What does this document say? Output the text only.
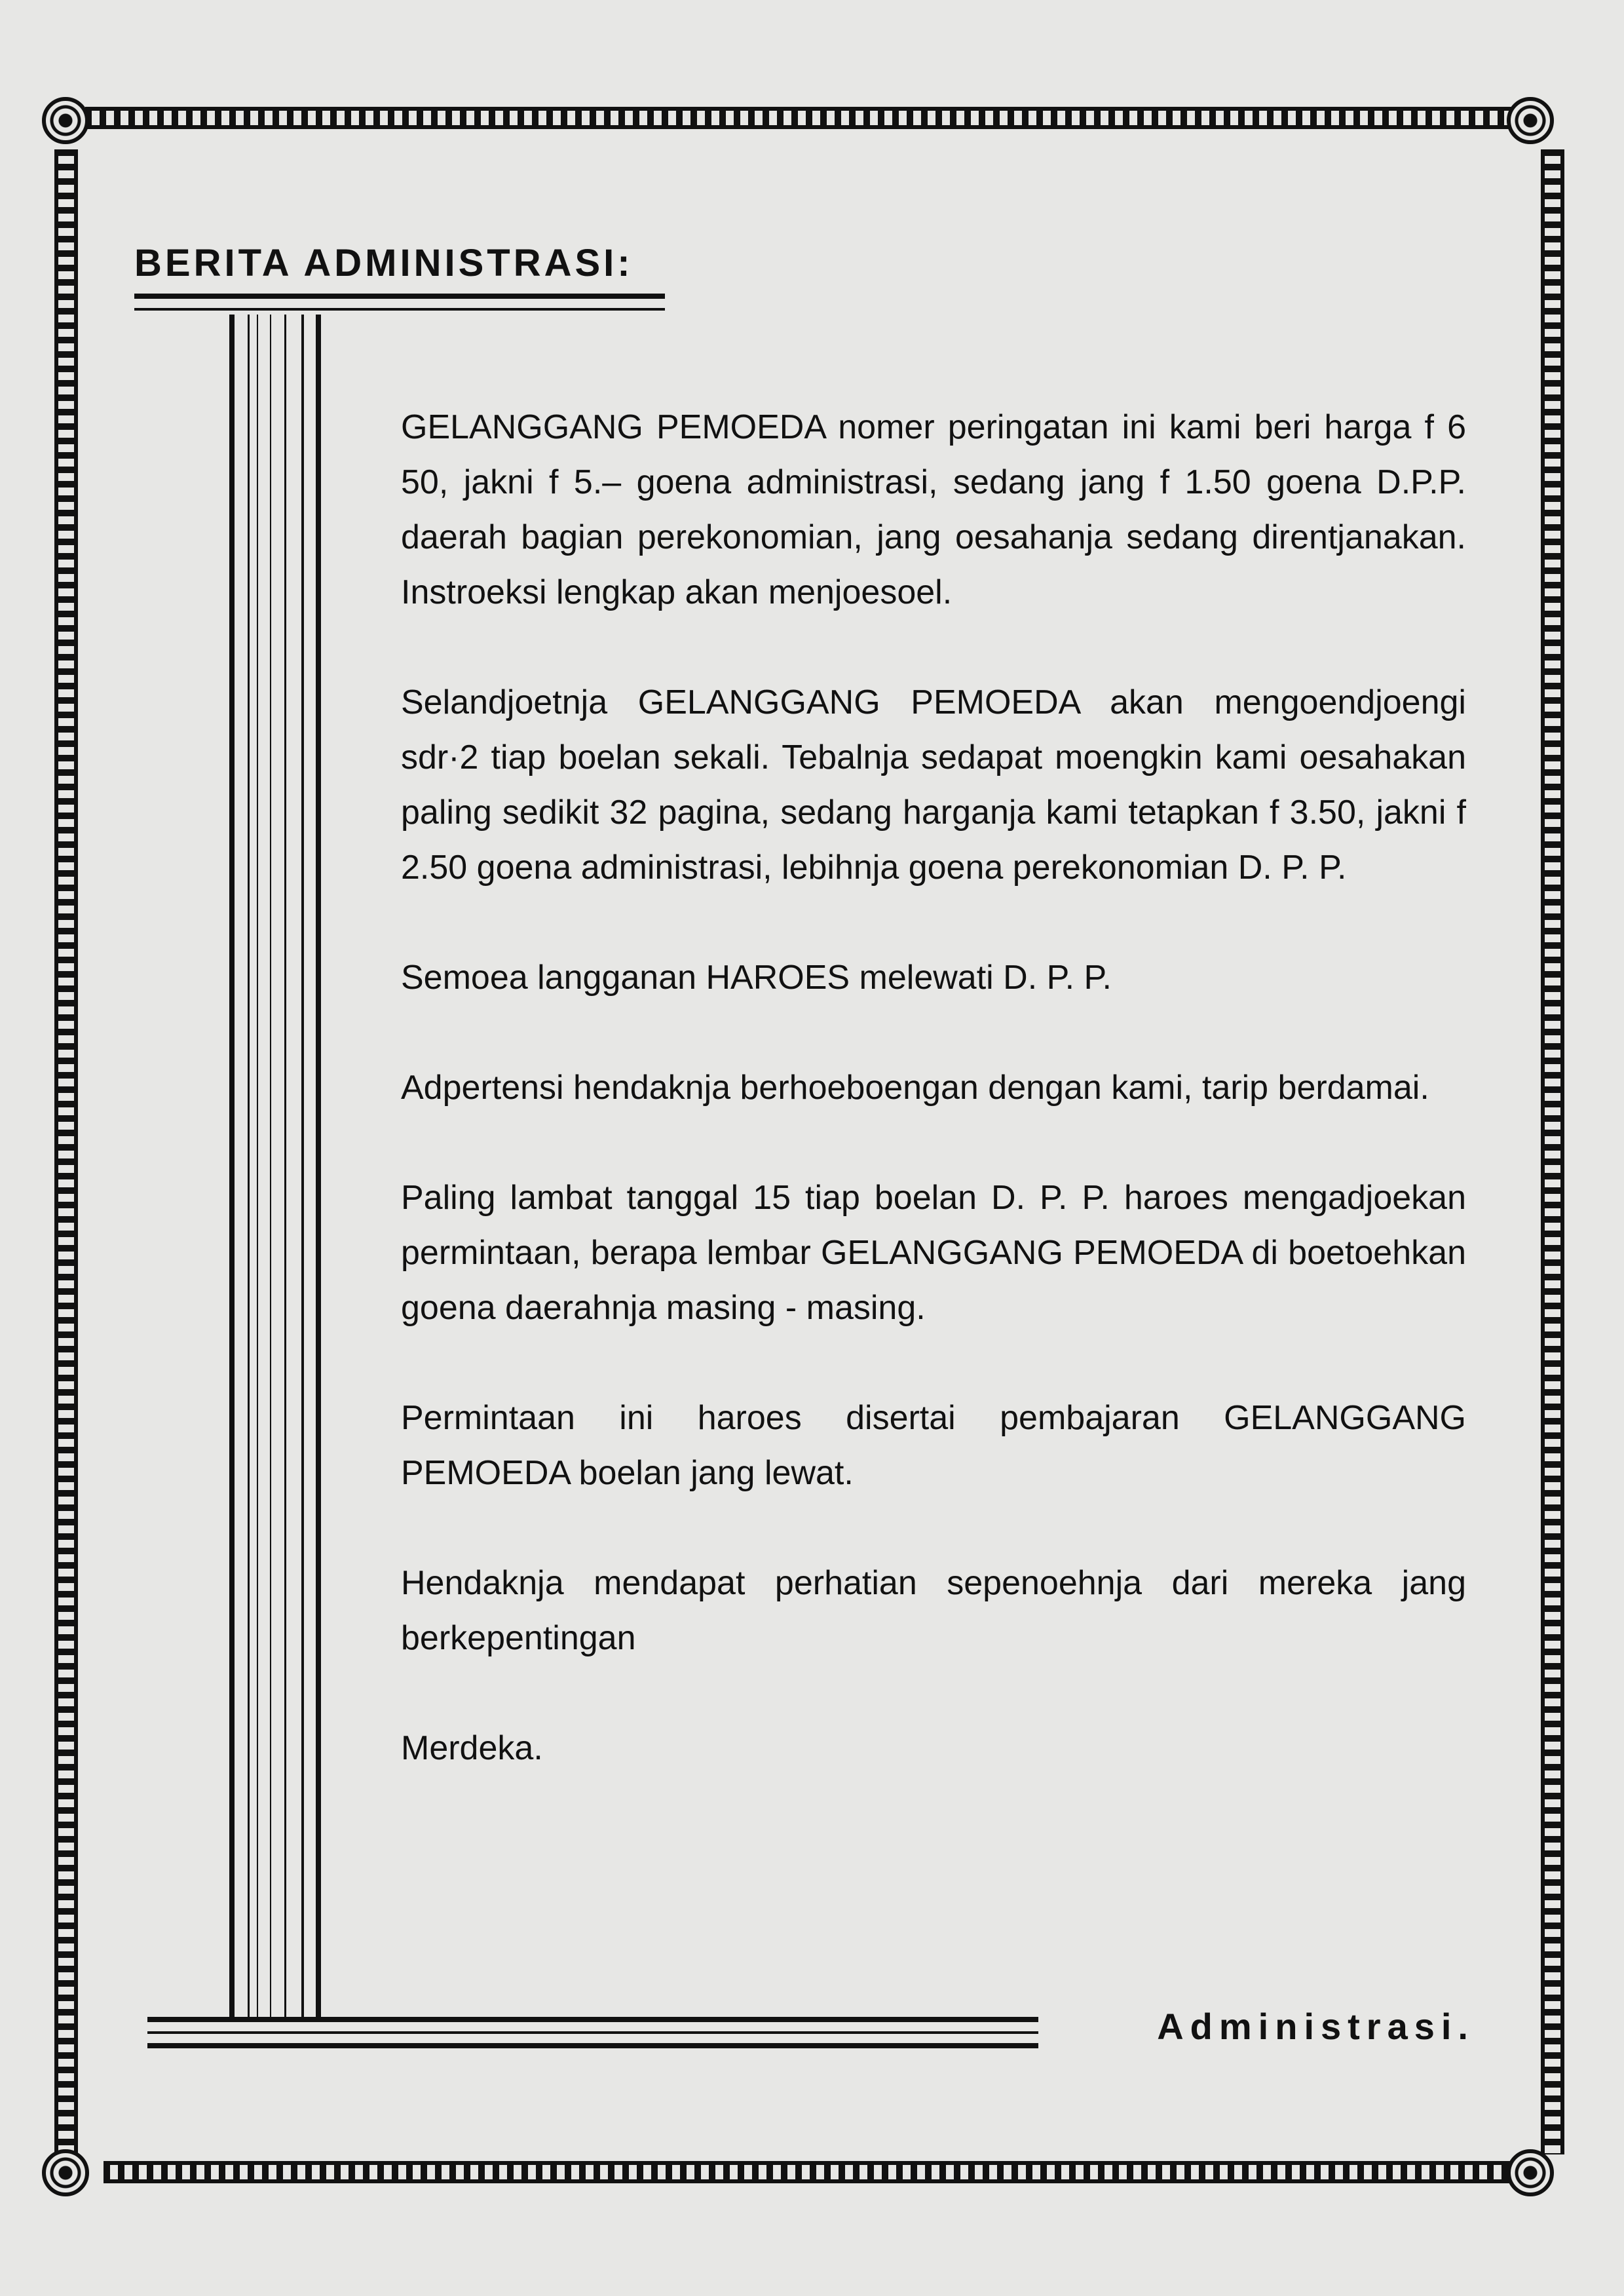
BERITA ADMINISTRASI:

GELANGGANG PEMOEDA nomer peringatan ini kami beri harga f 6 50, jakni f 5.– goena administrasi, sedang jang f 1.50 goena D.P.P. daerah bagian perekonomian, jang oesahanja sedang direntjanakan. Instroeksi lengkap akan menjoesoel.

Selandjoetnja GELANGGANG PEMOEDA akan mengoendjoengi sdr·2 tiap boelan sekali. Tebalnja sedapat moengkin kami oesahakan paling sedikit 32 pagina, sedang harganja kami tetapkan f 3.50, jakni f 2.50 goena administrasi, lebihnja goena perekonomian D. P. P.

Semoea langganan HAROES melewati D. P. P.

Adpertensi hendaknja berhoeboengan dengan kami, tarip berdamai.

Paling lambat tanggal 15 tiap boelan D. P. P. haroes mengadjoekan permintaan, berapa lembar GELANGGANG PEMOEDA di boetoehkan goena daerahnja masing - masing.

Permintaan ini haroes disertai pembajaran GELANGGANG PEMOEDA boelan jang lewat.

Hendaknja mendapat perhatian sepenoehnja dari mereka jang berkepentingan

Merdeka.

Administrasi.
